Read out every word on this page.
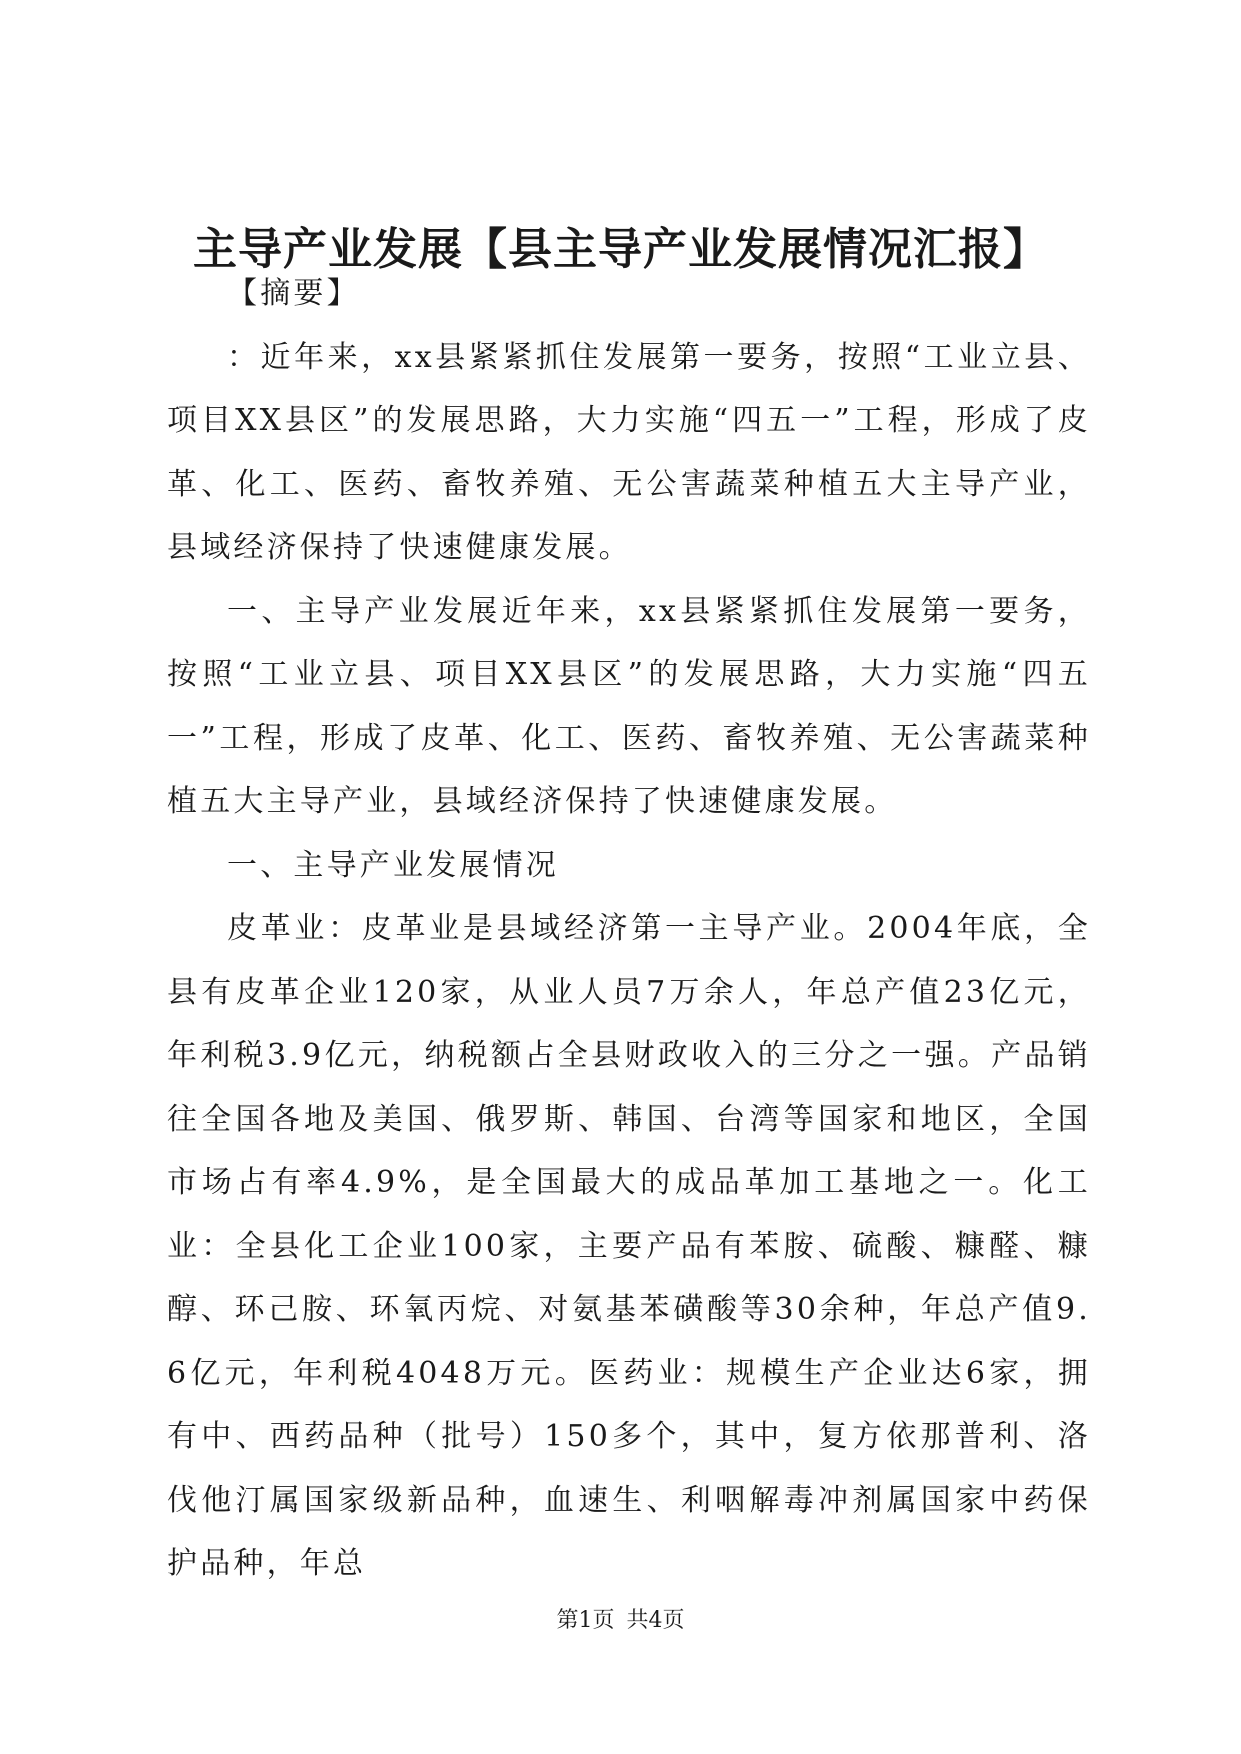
主导产业发展【县主导产业发展情况汇报】

【摘要】

：近年来，xx县紧紧抓住发展第一要务，按照“工业立县、项目XX县区”的发展思路，大力实施“四五一”工程，形成了皮革、化工、医药、畜牧养殖、无公害蔬菜种植五大主导产业，县域经济保持了快速健康发展。

一、主导产业发展近年来，xx县紧紧抓住发展第一要务，按照“工业立县、项目XX县区”的发展思路，大力实施“四五一”工程，形成了皮革、化工、医药、畜牧养殖、无公害蔬菜种植五大主导产业，县域经济保持了快速健康发展。

一、主导产业发展情况

皮革业：皮革业是县域经济第一主导产业。2004年底，全县有皮革企业120家，从业人员7万余人，年总产值23亿元，年利税3.9亿元，纳税额占全县财政收入的三分之一强。产品销往全国各地及美国、俄罗斯、韩国、台湾等国家和地区，全国市场占有率4.9%，是全国最大的成品革加工基地之一。化工业：全县化工企业100家，主要产品有苯胺、硫酸、糠醛、糠醇、环己胺、环氧丙烷、对氨基苯磺酸等30余种，年总产值9.6亿元，年利税4048万元。医药业：规模生产企业达6家，拥有中、西药品种（批号）150多个，其中，复方依那普利、洛伐他汀属国家级新品种，血速生、利咽解毒冲剂属国家中药保护品种，年总

第1页 共4页
